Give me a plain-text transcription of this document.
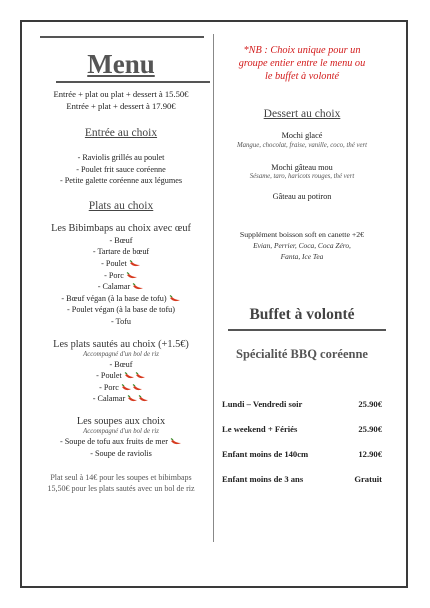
Menu
Entrée + plat ou plat + dessert à 15.50€
Entrée + plat + dessert à 17.90€
Entrée au choix
- Raviolis grillés au poulet
- Poulet frit sauce coréenne
- Petite galette coréenne aux légumes
Plats au choix
Les Bibimbaps au choix avec œuf
- Bœuf
- Tartare de bœuf
- Poulet
- Porc
- Calamar
- Bœuf végan (à la base de tofu)
- Poulet végan (à la base de tofu)
- Tofu
Les plats sautés au choix (+1.5€)
Accompagné d'un bol de riz
- Bœuf
- Poulet
- Porc
- Calamar
Les soupes aux choix
Accompagné d'un bol de riz
- Soupe de tofu aux fruits de mer
- Soupe de raviolis
Plat seul à 14€ pour les soupes et bibimbaps
15,50€ pour les plats sautés avec un bol de riz
*NB : Choix unique pour un
groupe entier entre le menu ou
le buffet à volonté
Dessert au choix
Mochi glacé
Mangue, chocolat, fraise, vanille, coco, thé vert
Mochi gâteau mou
Sésame, taro, haricots rouges, thé vert
Gâteau au potiron
Supplément boisson soft en canette +2€
Evian, Perrier, Coca, Coca Zéro,
Fanta, Ice Tea
Buffet à volonté
Spécialité BBQ coréenne
Lundi – Vendredi soir	25.90€
Le weekend + Fériés	25.90€
Enfant moins de 140cm	12.90€
Enfant moins de 3 ans	Gratuit
